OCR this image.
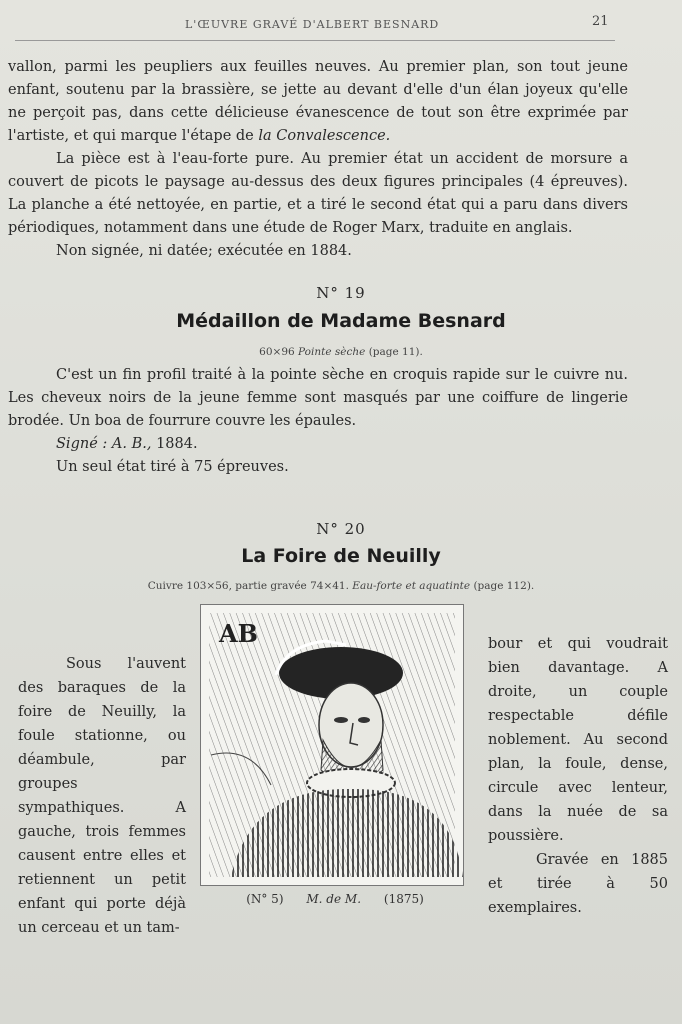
L'ŒUVRE GRAVÉ D'ALBERT BESNARD	21

vallon, parmi les peupliers aux feuilles neuves. Au premier plan, son tout jeune enfant, soutenu par la brassière, se jette au devant d'elle d'un élan joyeux qu'elle ne perçoit pas, dans cette délicieuse évanescence de tout son être exprimée par l'artiste, et qui marque l'étape de la Convalescence.

La pièce est à l'eau-forte pure. Au premier état un accident de morsure a couvert de picots le paysage au-dessus des deux figures principales (4 épreuves). La planche a été nettoyée, en partie, et a tiré le second état qui a paru dans divers périodiques, notamment dans une étude de Roger Marx, traduite en anglais.

Non signée, ni datée; exécutée en 1884.

N° 19
Médaillon de Madame Besnard
60×96 Pointe sèche (page 11).

C'est un fin profil traité à la pointe sèche en croquis rapide sur le cuivre nu. Les cheveux noirs de la jeune femme sont masqués par une coiffure de lingerie brodée. Un boa de fourrure couvre les épaules.

Signé : A. B., 1884.

Un seul état tiré à 75 épreuves.

N° 20
La Foire de Neuilly
Cuivre 103×56, partie gravée 74×41. Eau-forte et aquatinte (page 112).

Sous l'auvent des baraques de la foire de Neuilly, la foule stationne, ou déambule, par groupes sympathiques. A gauche, trois femmes causent entre elles et retiennent un petit enfant qui porte déjà un cerceau et un tam-

bour et qui voudrait bien davantage. A droite, un couple respectable défile noblement. Au second plan, la foule, dense, circule avec lenteur, dans la nuée de sa poussière.

Gravée en 1885 et tirée à 50 exemplaires.

AB
(N° 5) M. de M. (1875)
